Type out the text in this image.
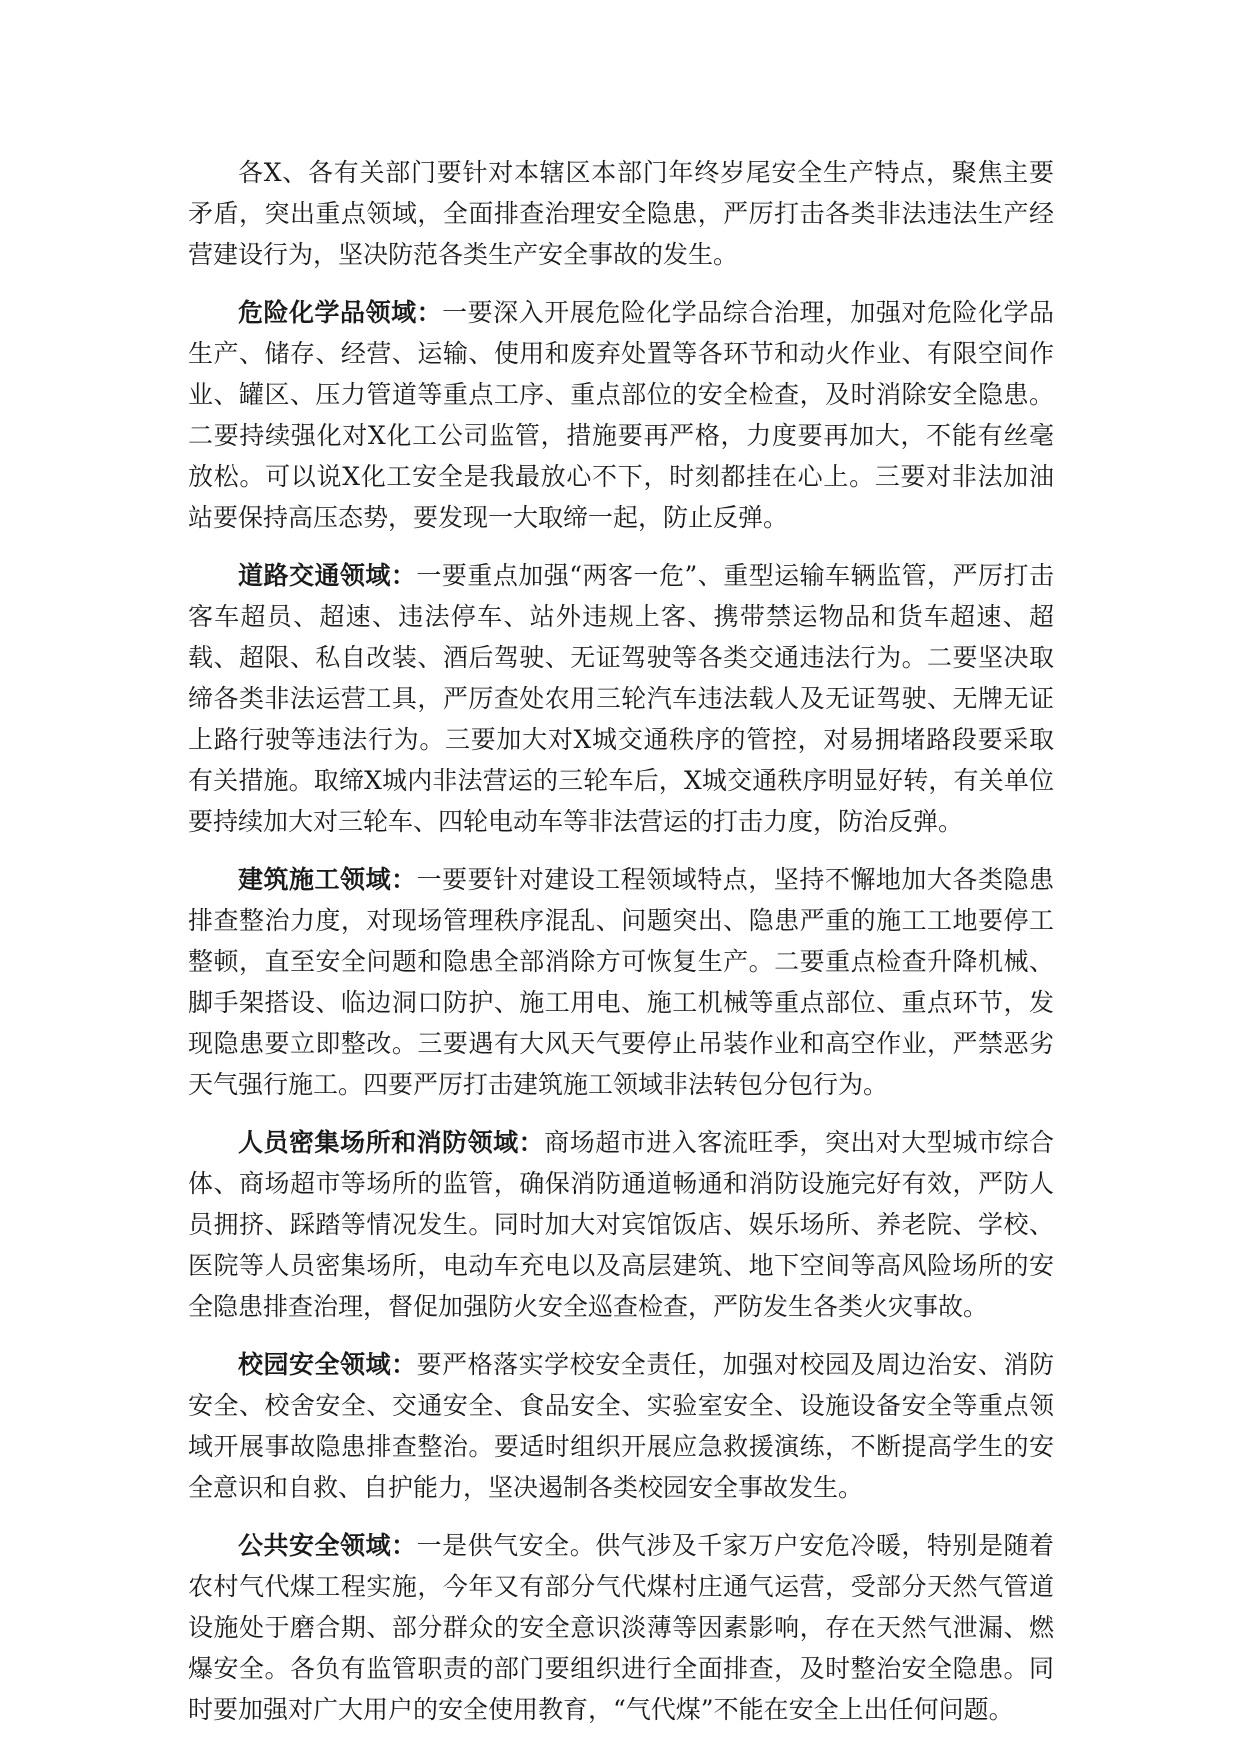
各X、各有关部门要针对本辖区本部门年终岁尾安全生产特点，聚焦主要矛盾，突出重点领域，全面排查治理安全隐患，严厉打击各类非法违法生产经营建设行为，坚决防范各类生产安全事故的发生。

危险化学品领域：一要深入开展危险化学品综合治理，加强对危险化学品生产、储存、经营、运输、使用和废弃处置等各环节和动火作业、有限空间作业、罐区、压力管道等重点工序、重点部位的安全检查，及时消除安全隐患。二要持续强化对X化工公司监管，措施要再严格，力度要再加大，不能有丝毫放松。可以说X化工安全是我最放心不下，时刻都挂在心上。三要对非法加油站要保持高压态势，要发现一大取缔一起，防止反弹。

道路交通领域：一要重点加强“两客一危”、重型运输车辆监管，严厉打击客车超员、超速、违法停车、站外违规上客、携带禁运物品和货车超速、超载、超限、私自改装、酒后驾驶、无证驾驶等各类交通违法行为。二要坚决取缔各类非法运营工具，严厉查处农用三轮汽车违法载人及无证驾驶、无牌无证上路行驶等违法行为。三要加大对X城交通秩序的管控，对易拥堵路段要采取有关措施。取缔X城内非法营运的三轮车后，X城交通秩序明显好转，有关单位要持续加大对三轮车、四轮电动车等非法营运的打击力度，防治反弹。

建筑施工领域：一要要针对建设工程领域特点，坚持不懈地加大各类隐患排查整治力度，对现场管理秩序混乱、问题突出、隐患严重的施工工地要停工整顿，直至安全问题和隐患全部消除方可恢复生产。二要重点检查升降机械、脚手架搭设、临边洞口防护、施工用电、施工机械等重点部位、重点环节，发现隐患要立即整改。三要遇有大风天气要停止吊装作业和高空作业，严禁恶劣天气强行施工。四要严厉打击建筑施工领域非法转包分包行为。

人员密集场所和消防领域：商场超市进入客流旺季，突出对大型城市综合体、商场超市等场所的监管，确保消防通道畅通和消防设施完好有效，严防人员拥挤、踩踏等情况发生。同时加大对宾馆饭店、娱乐场所、养老院、学校、医院等人员密集场所，电动车充电以及高层建筑、地下空间等高风险场所的安全隐患排查治理，督促加强防火安全巡查检查，严防发生各类火灾事故。

校园安全领域：要严格落实学校安全责任，加强对校园及周边治安、消防安全、校舍安全、交通安全、食品安全、实验室安全、设施设备安全等重点领域开展事故隐患排查整治。要适时组织开展应急救援演练，不断提高学生的安全意识和自救、自护能力，坚决遏制各类校园安全事故发生。

公共安全领域：一是供气安全。供气涉及千家万户安危冷暖，特别是随着农村气代煤工程实施，今年又有部分气代煤村庄通气运营，受部分天然气管道设施处于磨合期、部分群众的安全意识淡薄等因素影响，存在天然气泄漏、燃爆安全。各负有监管职责的部门要组织进行全面排查，及时整治安全隐患。同时要加强对广大用户的安全使用教育，“气代煤”不能在安全上出任何问题。
